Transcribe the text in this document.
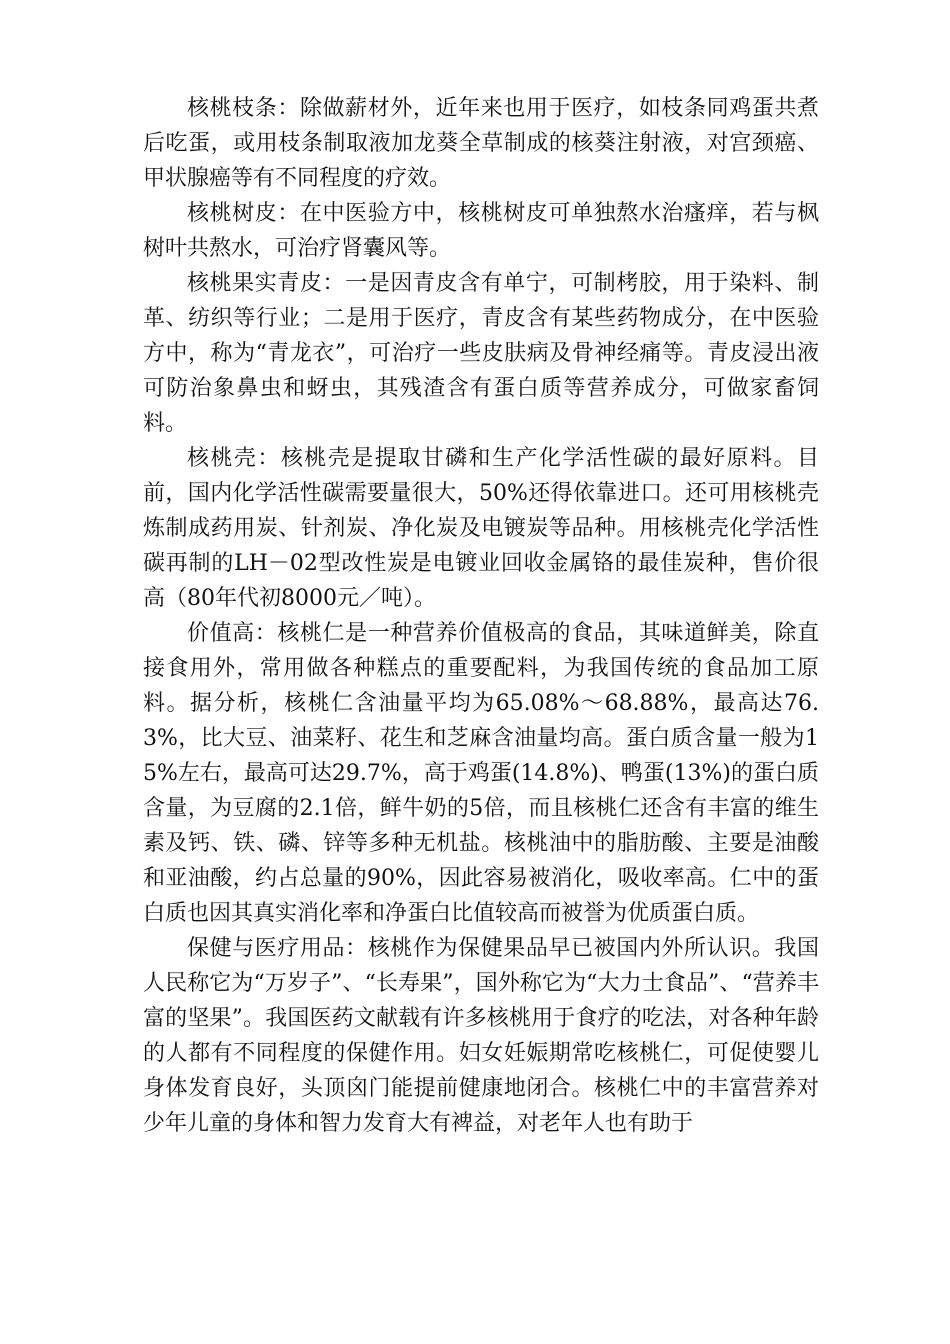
核桃枝条：除做薪材外，近年来也用于医疗，如枝条同鸡蛋共煮后吃蛋，或用枝条制取液加龙葵全草制成的核葵注射液，对宫颈癌、甲状腺癌等有不同程度的疗效。

核桃树皮：在中医验方中，核桃树皮可单独熬水治瘙痒，若与枫树叶共熬水，可治疗肾囊风等。

核桃果实青皮：一是因青皮含有单宁，可制栲胶，用于染料、制革、纺织等行业；二是用于医疗，青皮含有某些药物成分，在中医验方中，称为“青龙衣”，可治疗一些皮肤病及骨神经痛等。青皮浸出液可防治象鼻虫和蚜虫，其残渣含有蛋白质等营养成分，可做家畜饲料。

核桃壳：核桃壳是提取甘磷和生产化学活性碳的最好原料。目前，国内化学活性碳需要量很大，50%还得依靠进口。还可用核桃壳炼制成药用炭、针剂炭、净化炭及电镀炭等品种。用核桃壳化学活性碳再制的LH－02型改性炭是电镀业回收金属铬的最佳炭种，售价很高（80年代初8000元／吨）。

价值高：核桃仁是一种营养价值极高的食品，其味道鲜美，除直接食用外，常用做各种糕点的重要配料，为我国传统的食品加工原料。据分析，核桃仁含油量平均为65.08%～68.88%，最高达76.3%，比大豆、油菜籽、花生和芝麻含油量均高。蛋白质含量一般为15%左右，最高可达29.7%，高于鸡蛋(14.8%)、鸭蛋(13%)的蛋白质含量，为豆腐的2.1倍，鲜牛奶的5倍，而且核桃仁还含有丰富的维生素及钙、铁、磷、锌等多种无机盐。核桃油中的脂肪酸、主要是油酸和亚油酸，约占总量的90%，因此容易被消化，吸收率高。仁中的蛋白质也因其真实消化率和净蛋白比值较高而被誉为优质蛋白质。

保健与医疗用品：核桃作为保健果品早已被国内外所认识。我国人民称它为“万岁子”、“长寿果”，国外称它为“大力士食品”、“营养丰富的坚果”。我国医药文献载有许多核桃用于食疗的吃法，对各种年龄的人都有不同程度的保健作用。妇女妊娠期常吃核桃仁，可促使婴儿身体发育良好，头顶囟门能提前健康地闭合。核桃仁中的丰富营养对少年儿童的身体和智力发育大有裨益，对老年人也有助于
